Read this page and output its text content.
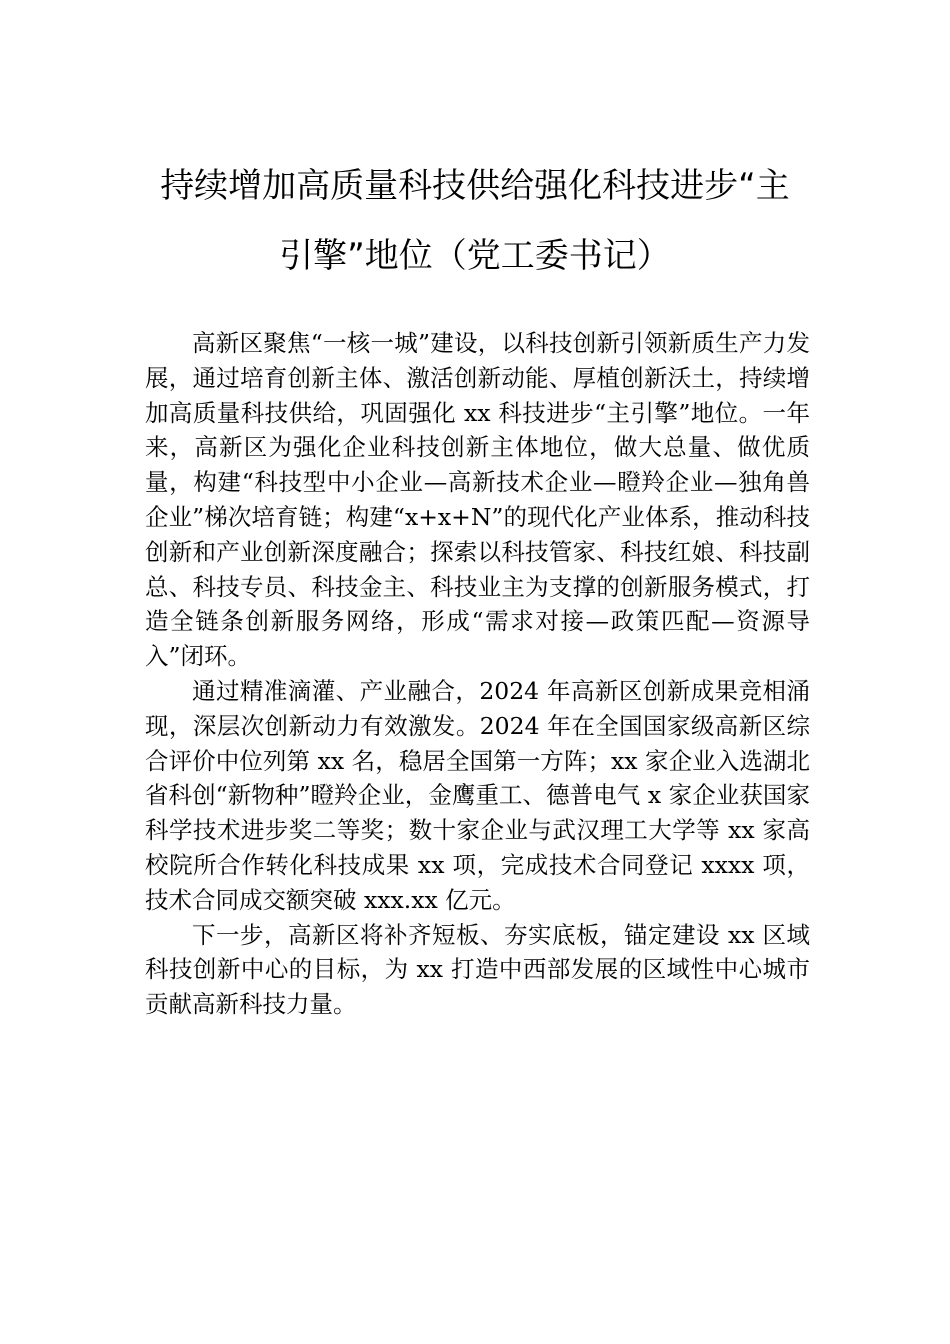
持续增加高质量科技供给强化科技进步“主
引擎”地位（党工委书记）

高新区聚焦“一核一城”建设，以科技创新引领新质生产力发展，通过培育创新主体、激活创新动能、厚植创新沃土，持续增加高质量科技供给，巩固强化 xx 科技进步“主引擎”地位。一年来，高新区为强化企业科技创新主体地位，做大总量、做优质量，构建“科技型中小企业—高新技术企业—瞪羚企业—独角兽企业”梯次培育链；构建“x+x+N”的现代化产业体系，推动科技创新和产业创新深度融合；探索以科技管家、科技红娘、科技副总、科技专员、科技金主、科技业主为支撑的创新服务模式，打造全链条创新服务网络，形成“需求对接—政策匹配—资源导入”闭环。

通过精准滴灌、产业融合，2024 年高新区创新成果竞相涌现，深层次创新动力有效激发。2024 年在全国国家级高新区综合评价中位列第 xx 名，稳居全国第一方阵；xx 家企业入选湖北省科创“新物种”瞪羚企业，金鹰重工、德普电气 x 家企业获国家科学技术进步奖二等奖；数十家企业与武汉理工大学等 xx 家高校院所合作转化科技成果 xx 项，完成技术合同登记 xxxx 项，技术合同成交额突破 xxx.xx 亿元。

下一步，高新区将补齐短板、夯实底板，锚定建设 xx 区域科技创新中心的目标，为 xx 打造中西部发展的区域性中心城市贡献高新科技力量。
